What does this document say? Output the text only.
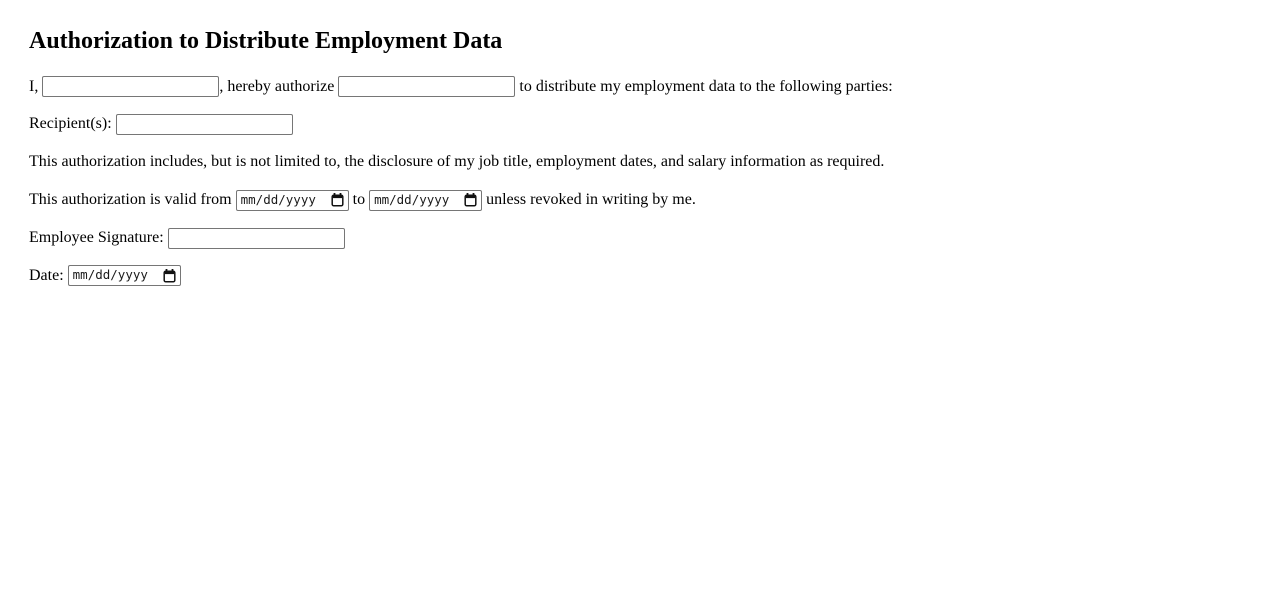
Authorization to Distribute Employment Data

I,	, hereby authorize	to distribute my employment data to the following parties:

Recipient(s):

This authorization includes, but is not limited to, the disclosure of my job title, employment dates, and salary information as required.

This authorization is valid from mm/dd/yyyy to mm/dd/yyyy unless revoked in writing by me.

Employee Signature:

Date: mm/dd/yyyy
